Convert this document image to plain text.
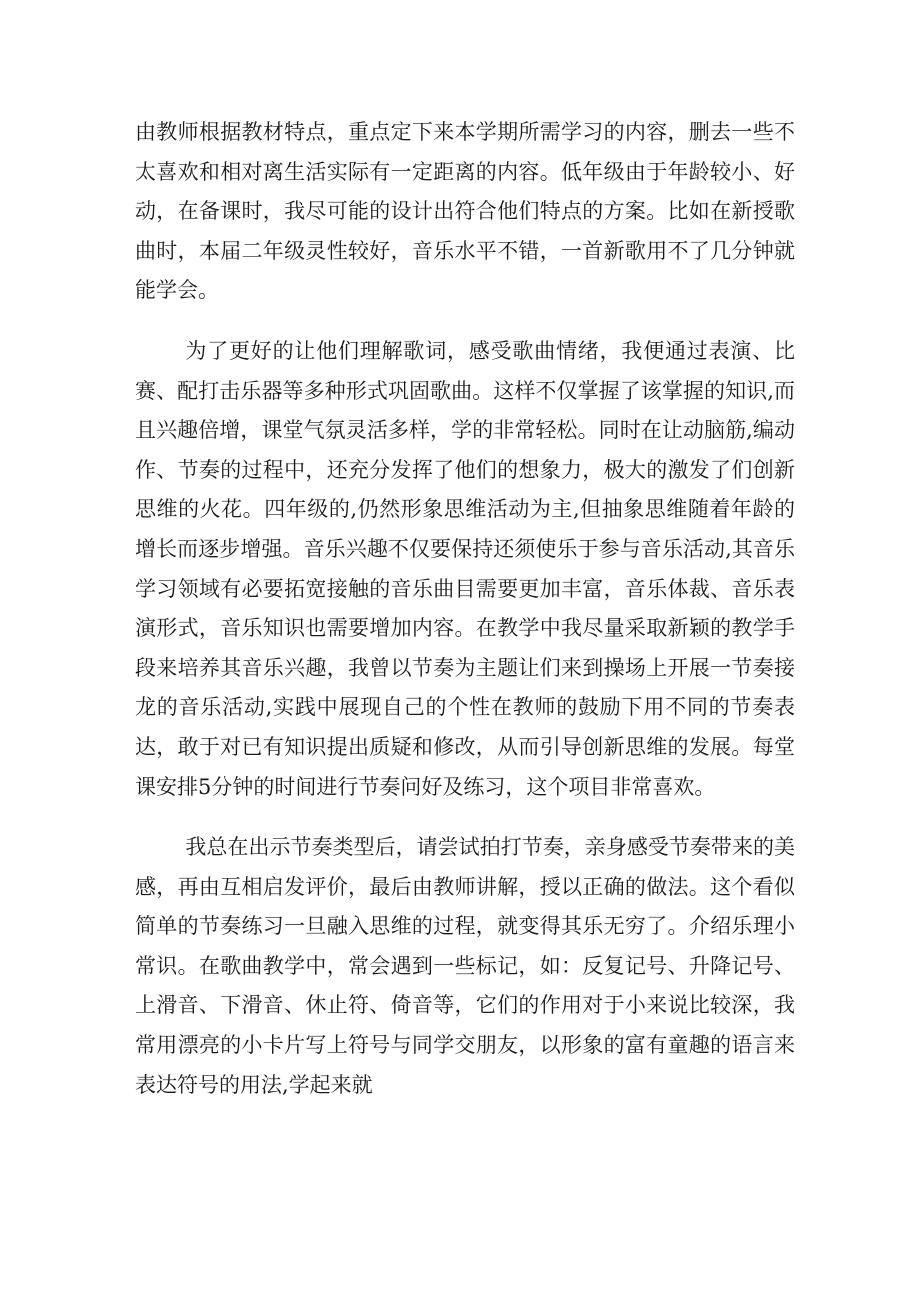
由教师根据教材特点，重点定下来本学期所需学习的内容，删去一些不太喜欢和相对离生活实际有一定距离的内容。低年级由于年龄较小、好动，在备课时，我尽可能的设计出符合他们特点的方案。比如在新授歌曲时，本届二年级灵性较好，音乐水平不错，一首新歌用不了几分钟就能学会。

为了更好的让他们理解歌词，感受歌曲情绪，我便通过表演、比赛、配打击乐器等多种形式巩固歌曲。这样不仅掌握了该掌握的知识,而且兴趣倍增，课堂气氛灵活多样，学的非常轻松。同时在让动脑筋,编动作、节奏的过程中，还充分发挥了他们的想象力，极大的激发了们创新思维的火花。四年级的,仍然形象思维活动为主,但抽象思维随着年龄的增长而逐步增强。音乐兴趣不仅要保持还须使乐于参与音乐活动,其音乐学习领域有必要拓宽接触的音乐曲目需要更加丰富，音乐体裁、音乐表演形式，音乐知识也需要增加内容。在教学中我尽量采取新颖的教学手段来培养其音乐兴趣，我曾以节奏为主题让们来到操场上开展一节奏接龙的音乐活动,实践中展现自己的个性在教师的鼓励下用不同的节奏表达，敢于对已有知识提出质疑和修改，从而引导创新思维的发展。每堂课安排5分钟的时间进行节奏问好及练习，这个项目非常喜欢。

我总在出示节奏类型后，请尝试拍打节奏，亲身感受节奏带来的美感，再由互相启发评价，最后由教师讲解，授以正确的做法。这个看似简单的节奏练习一旦融入思维的过程，就变得其乐无穷了。介绍乐理小常识。在歌曲教学中，常会遇到一些标记，如：反复记号、升降记号、上滑音、下滑音、休止符、倚音等，它们的作用对于小来说比较深，我常用漂亮的小卡片写上符号与同学交朋友，以形象的富有童趣的语言来表达符号的用法,学起来就
